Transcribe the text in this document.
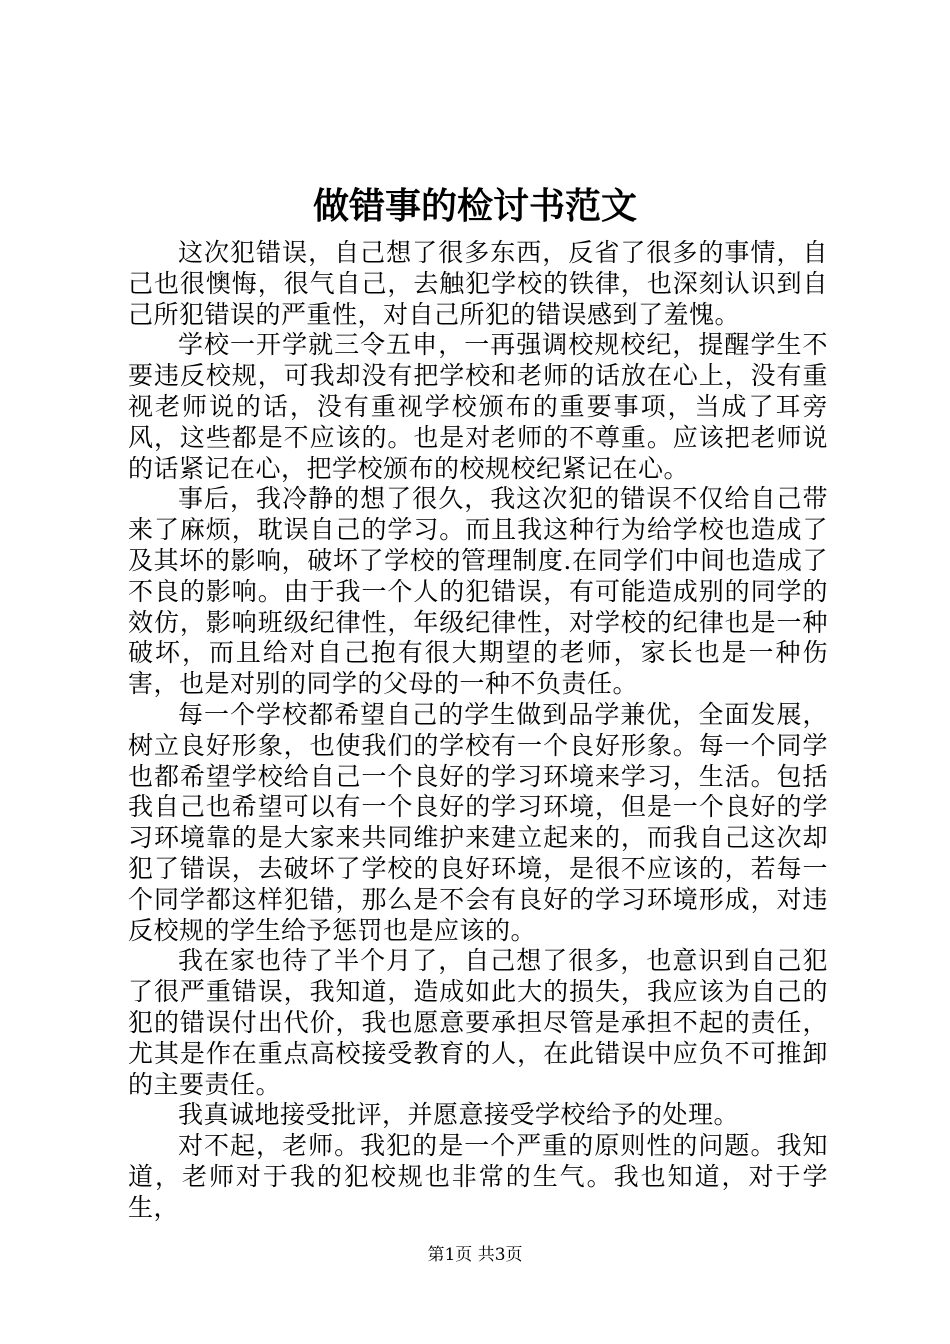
做错事的检讨书范文

这次犯错误，自己想了很多东西，反省了很多的事情，自己也很懊悔，很气自己，去触犯学校的铁律，也深刻认识到自己所犯错误的严重性，对自己所犯的错误感到了羞愧。

学校一开学就三令五申，一再强调校规校纪，提醒学生不要违反校规，可我却没有把学校和老师的话放在心上，没有重视老师说的话，没有重视学校颁布的重要事项，当成了耳旁风，这些都是不应该的。也是对老师的不尊重。应该把老师说的话紧记在心，把学校颁布的校规校纪紧记在心。

事后，我冷静的想了很久，我这次犯的错误不仅给自己带来了麻烦，耽误自己的学习。而且我这种行为给学校也造成了及其坏的影响，破坏了学校的管理制度.在同学们中间也造成了不良的影响。由于我一个人的犯错误，有可能造成别的同学的效仿，影响班级纪律性，年级纪律性，对学校的纪律也是一种破坏，而且给对自己抱有很大期望的老师，家长也是一种伤害，也是对别的同学的父母的一种不负责任。

每一个学校都希望自己的学生做到品学兼优，全面发展，树立良好形象，也使我们的学校有一个良好形象。每一个同学也都希望学校给自己一个良好的学习环境来学习，生活。包括我自己也希望可以有一个良好的学习环境，但是一个良好的学习环境靠的是大家来共同维护来建立起来的，而我自己这次却犯了错误，去破坏了学校的良好环境，是很不应该的，若每一个同学都这样犯错，那么是不会有良好的学习环境形成，对违反校规的学生给予惩罚也是应该的。

我在家也待了半个月了，自己想了很多，也意识到自己犯了很严重错误，我知道，造成如此大的损失，我应该为自己的犯的错误付出代价，我也愿意要承担尽管是承担不起的责任，尤其是作在重点高校接受教育的人，在此错误中应负不可推卸的主要责任。

我真诚地接受批评，并愿意接受学校给予的处理。

对不起，老师。我犯的是一个严重的原则性的问题。我知道，老师对于我的犯校规也非常的生气。我也知道，对于学生，

第1页 共3页
